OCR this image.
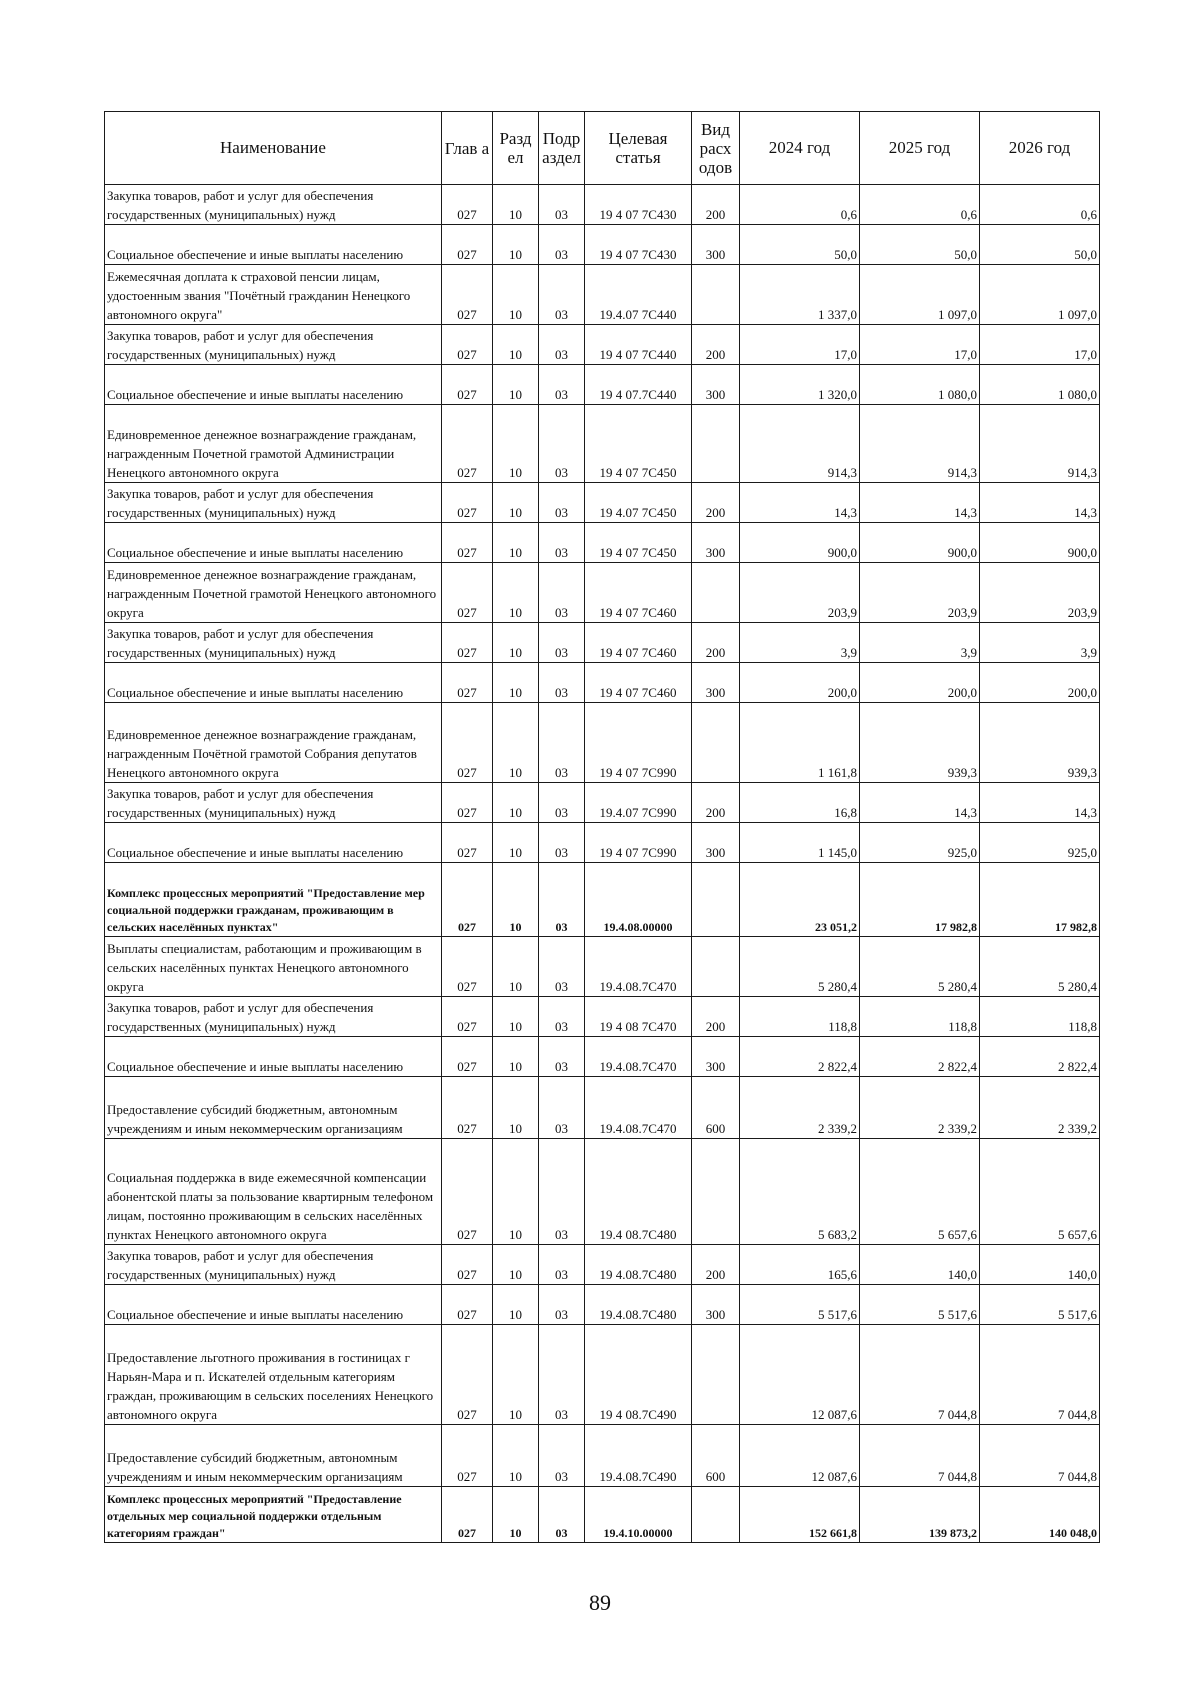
Наименование	Глав а	Разд ел	Подр аздел	Целевая статья	Вид расх одов	2024 год	2025 год	2026 год
Закупка товаров, работ и услуг для обеспечения государственных (муниципальных) нужд	027	10	03	19 4 07 7С430	200	0,6	0,6	0,6
Социальное обеспечение и иные выплаты населению	027	10	03	19 4 07 7С430	300	50,0	50,0	50,0
Ежемесячная доплата к страховой пенсии лицам, удостоенным звания "Почётный гражданин Ненецкого автономного округа"	027	10	03	19.4.07 7С440		1 337,0	1 097,0	1 097,0
Закупка товаров, работ и услуг для обеспечения государственных (муниципальных) нужд	027	10	03	19 4 07 7С440	200	17,0	17,0	17,0
Социальное обеспечение и иные выплаты населению	027	10	03	19 4 07.7С440	300	1 320,0	1 080,0	1 080,0
Единовременное денежное вознаграждение гражданам, награжденным Почетной грамотой Администрации Ненецкого автономного округа	027	10	03	19 4 07 7С450		914,3	914,3	914,3
Закупка товаров, работ и услуг для обеспечения государственных (муниципальных) нужд	027	10	03	19 4.07 7С450	200	14,3	14,3	14,3
Социальное обеспечение и иные выплаты населению	027	10	03	19 4 07 7С450	300	900,0	900,0	900,0
Единовременное денежное вознаграждение гражданам, награжденным Почетной грамотой Ненецкого автономного округа	027	10	03	19 4 07 7С460		203,9	203,9	203,9
Закупка товаров, работ и услуг для обеспечения государственных (муниципальных) нужд	027	10	03	19 4 07 7С460	200	3,9	3,9	3,9
Социальное обеспечение и иные выплаты населению	027	10	03	19 4 07 7С460	300	200,0	200,0	200,0
Единовременное денежное вознаграждение гражданам, награжденным Почётной грамотой Собрания депутатов Ненецкого автономного округа	027	10	03	19 4 07 7С990		1 161,8	939,3	939,3
Закупка товаров, работ и услуг для обеспечения государственных (муниципальных) нужд	027	10	03	19.4.07 7С990	200	16,8	14,3	14,3
Социальное обеспечение и иные выплаты населению	027	10	03	19 4 07 7С990	300	1 145,0	925,0	925,0
Комплекс процессных мероприятий "Предоставление мер социальной поддержки гражданам, проживающим в сельских населённых пунктах"	027	10	03	19.4.08.00000		23 051,2	17 982,8	17 982,8
Выплаты специалистам, работающим и проживающим в сельских населённых пунктах Ненецкого автономного округа	027	10	03	19.4.08.7С470		5 280,4	5 280,4	5 280,4
Закупка товаров, работ и услуг для обеспечения государственных (муниципальных) нужд	027	10	03	19 4 08 7С470	200	118,8	118,8	118,8
Социальное обеспечение и иные выплаты населению	027	10	03	19.4.08.7С470	300	2 822,4	2 822,4	2 822,4
Предоставление субсидий бюджетным, автономным учреждениям и иным некоммерческим организациям	027	10	03	19.4.08.7С470	600	2 339,2	2 339,2	2 339,2
Социальная поддержка в виде ежемесячной компенсации абонентской платы за пользование квартирным телефоном лицам, постоянно проживающим в сельских населённых пунктах Ненецкого автономного округа	027	10	03	19.4 08.7С480		5 683,2	5 657,6	5 657,6
Закупка товаров, работ и услуг для обеспечения государственных (муниципальных) нужд	027	10	03	19 4.08.7С480	200	165,6	140,0	140,0
Социальное обеспечение и иные выплаты населению	027	10	03	19.4.08.7С480	300	5 517,6	5 517,6	5 517,6
Предоставление льготного проживания в гостиницах г Нарьян-Мара и п. Искателей отдельным категориям граждан, проживающим в сельских поселениях Ненецкого автономного округа	027	10	03	19 4 08.7С490		12 087,6	7 044,8	7 044,8
Предоставление субсидий бюджетным, автономным учреждениям и иным некоммерческим организациям	027	10	03	19.4.08.7С490	600	12 087,6	7 044,8	7 044,8
Комплекс процессных мероприятий "Предоставление отдельных мер социальной поддержки отдельным категориям граждан"	027	10	03	19.4.10.00000		152 661,8	139 873,2	140 048,0
89
